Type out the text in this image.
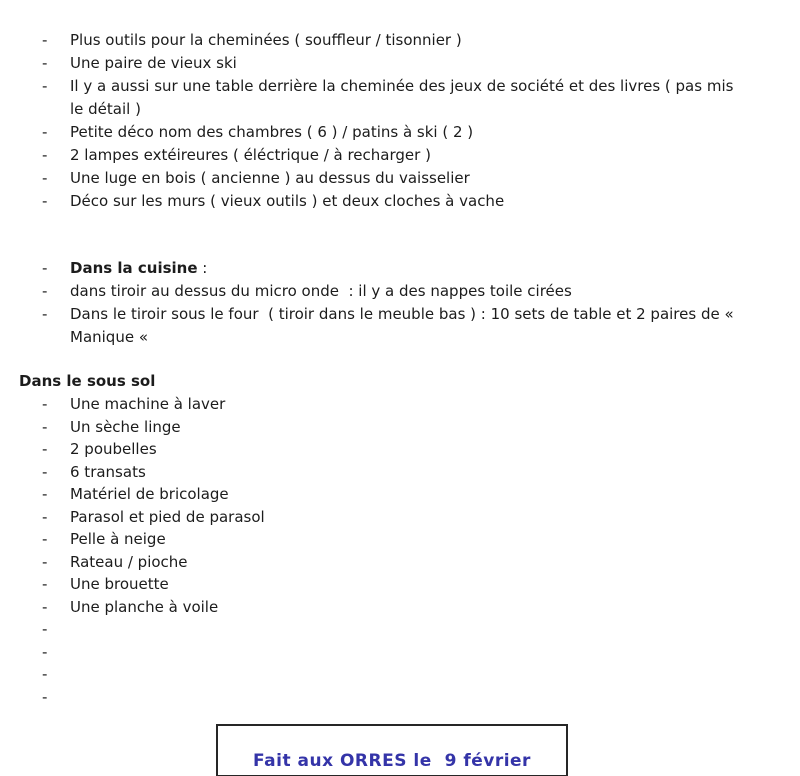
-	Plus outils pour la cheminées ( souffleur / tisonnier )
-	Une paire de vieux ski
-	Il y a aussi sur une table derrière la cheminée des jeux de société et des livres ( pas mis le détail )
-	Petite déco nom des chambres ( 6 ) / patins à ski ( 2 )
-	2 lampes extéireures ( éléctrique / à recharger )
-	Une luge en bois ( ancienne ) au dessus du vaisselier
-	Déco sur les murs ( vieux outils ) et deux cloches à vache
-	Dans la cuisine :
-	dans tiroir au dessus du micro onde  : il y a des nappes toile cirées
-	Dans le tiroir sous le four  ( tiroir dans le meuble bas ) : 10 sets de table et 2 paires de « Manique «
Dans le sous sol
-	Une machine à laver
-	Un sèche linge
-	2 poubelles
-	6 transats
-	Matériel de bricolage
-	Parasol et pied de parasol
-	Pelle à neige
-	Rateau / pioche
-	Une brouette
-	Une planche à voile
-
-
-
-
Fait aux ORRES le  9 février
